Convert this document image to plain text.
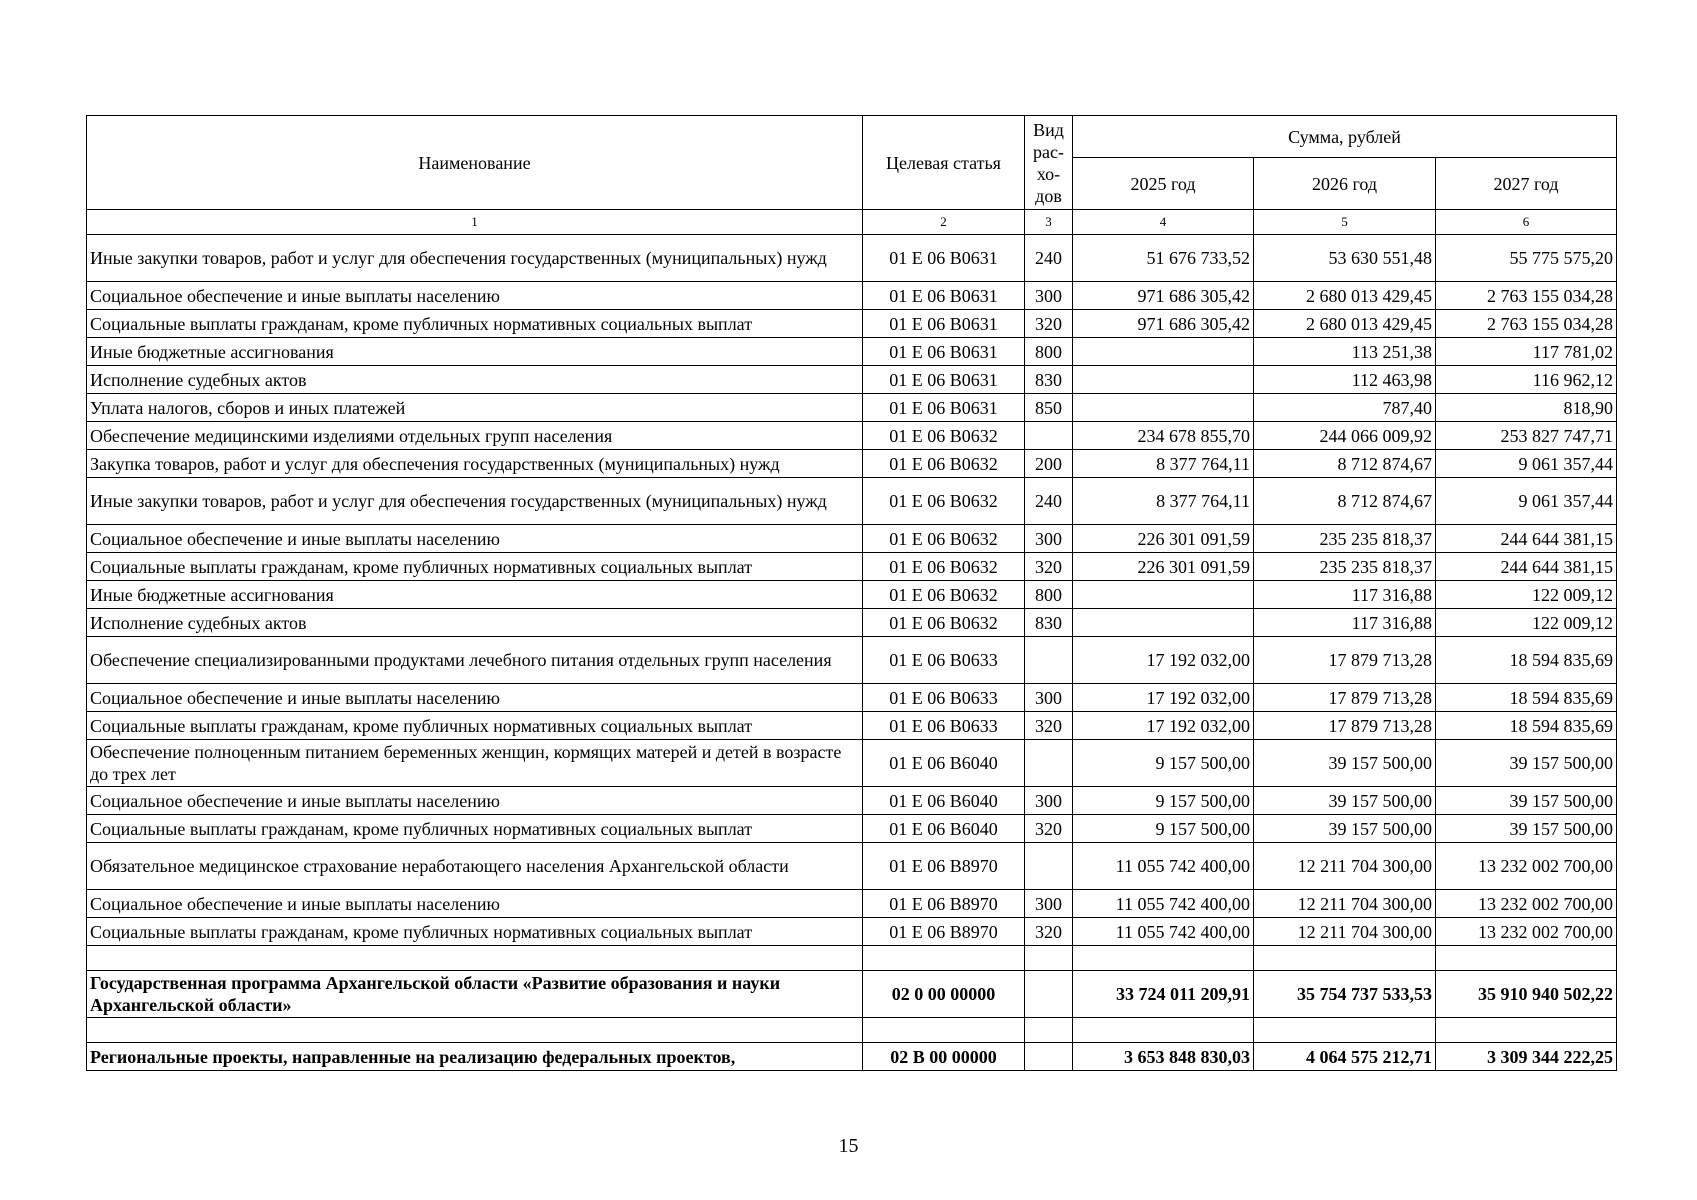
Наименование	Целевая статья	Вид рас-хо-дов	Сумма, рублей		
			2025 год	2026 год	2027 год
1	2	3	4	5	6
Иные закупки товаров, работ и услуг для обеспечения государственных (муниципальных) нужд	01 Е 06 В0631	240	51 676 733,52	53 630 551,48	55 775 575,20
Социальное обеспечение и иные выплаты населению	01 Е 06 В0631	300	971 686 305,42	2 680 013 429,45	2 763 155 034,28
Социальные выплаты гражданам, кроме публичных нормативных социальных выплат	01 Е 06 В0631	320	971 686 305,42	2 680 013 429,45	2 763 155 034,28
Иные бюджетные ассигнования	01 Е 06 В0631	800		113 251,38	117 781,02
Исполнение судебных актов	01 Е 06 В0631	830		112 463,98	116 962,12
Уплата налогов, сборов и иных платежей	01 Е 06 В0631	850		787,40	818,90
Обеспечение медицинскими изделиями отдельных групп населения	01 Е 06 В0632		234 678 855,70	244 066 009,92	253 827 747,71
Закупка товаров, работ и услуг для обеспечения государственных (муниципальных) нужд	01 Е 06 В0632	200	8 377 764,11	8 712 874,67	9 061 357,44
Иные закупки товаров, работ и услуг для обеспечения государственных (муниципальных) нужд	01 Е 06 В0632	240	8 377 764,11	8 712 874,67	9 061 357,44
Социальное обеспечение и иные выплаты населению	01 Е 06 В0632	300	226 301 091,59	235 235 818,37	244 644 381,15
Социальные выплаты гражданам, кроме публичных нормативных социальных выплат	01 Е 06 В0632	320	226 301 091,59	235 235 818,37	244 644 381,15
Иные бюджетные ассигнования	01 Е 06 В0632	800		117 316,88	122 009,12
Исполнение судебных актов	01 Е 06 В0632	830		117 316,88	122 009,12
Обеспечение специализированными продуктами лечебного питания отдельных групп населения	01 Е 06 В0633		17 192 032,00	17 879 713,28	18 594 835,69
Социальное обеспечение и иные выплаты населению	01 Е 06 В0633	300	17 192 032,00	17 879 713,28	18 594 835,69
Социальные выплаты гражданам, кроме публичных нормативных социальных выплат	01 Е 06 В0633	320	17 192 032,00	17 879 713,28	18 594 835,69
Обеспечение полноценным питанием беременных женщин, кормящих матерей и детей в возрасте до трех лет	01 Е 06 В6040		9 157 500,00	39 157 500,00	39 157 500,00
Социальное обеспечение и иные выплаты населению	01 Е 06 В6040	300	9 157 500,00	39 157 500,00	39 157 500,00
Социальные выплаты гражданам, кроме публичных нормативных социальных выплат	01 Е 06 В6040	320	9 157 500,00	39 157 500,00	39 157 500,00
Обязательное медицинское страхование неработающего населения Архангельской области	01 Е 06 В8970		11 055 742 400,00	12 211 704 300,00	13 232 002 700,00
Социальное обеспечение и иные выплаты населению	01 Е 06 В8970	300	11 055 742 400,00	12 211 704 300,00	13 232 002 700,00
Социальные выплаты гражданам, кроме публичных нормативных социальных выплат	01 Е 06 В8970	320	11 055 742 400,00	12 211 704 300,00	13 232 002 700,00

Государственная программа Архангельской области «Развитие образования и науки Архангельской области»	02 0 00 00000		33 724 011 209,91	35 754 737 533,53	35 910 940 502,22

Региональные проекты, направленные на реализацию федеральных проектов,	02 В 00 00000		3 653 848 830,03	4 064 575 212,71	3 309 344 222,25
15
